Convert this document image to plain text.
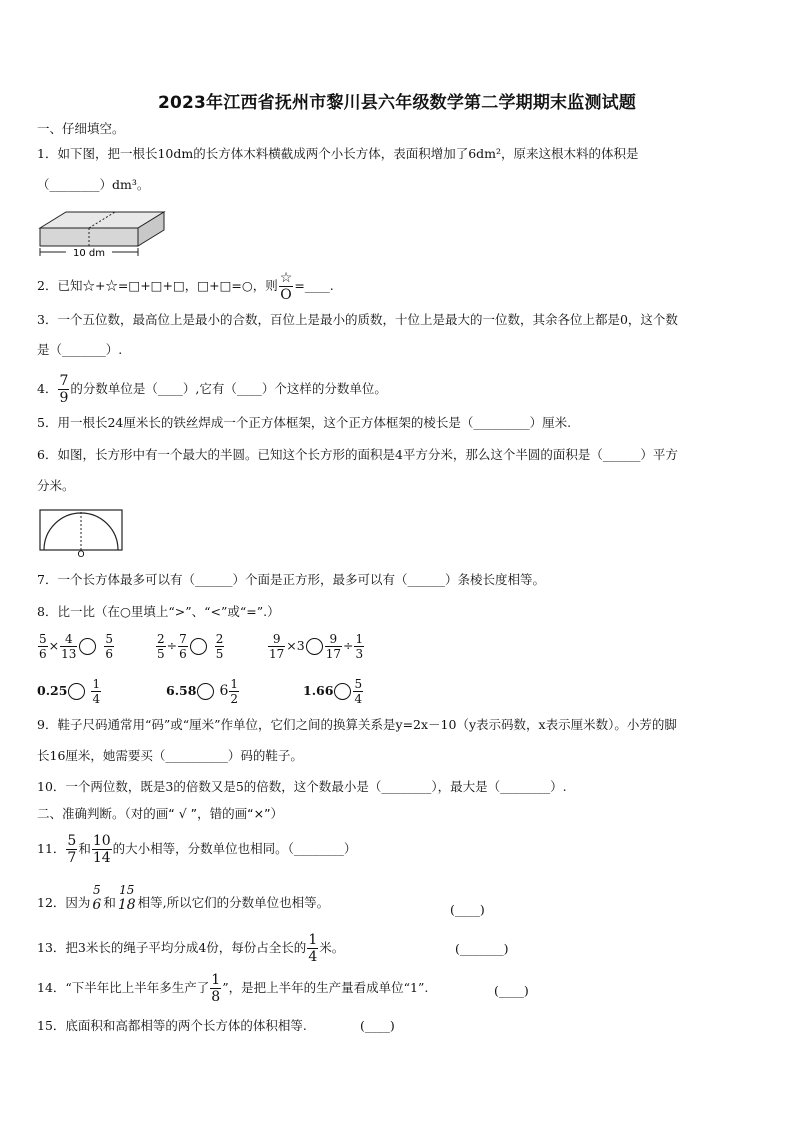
2023年江西省抚州市黎川县六年级数学第二学期期末监测试题
一、仔细填空。
1．如下图，把一根长10dm的长方体木料横截成两个小长方体，表面积增加了6dm²，原来这根木料的体积是
（________）dm³。
10 dm
2．已知☆+☆=□+□+□，□+□=○，则 $\frac{☆}{O}$ =____.
3．一个五位数，最高位上是最小的合数，百位上是最小的质数，十位上是最大的一位数，其余各位上都是0，这个数
是（_______）.
4． $\frac{7}{9}$ 的分数单位是（____）,它有（____）个这样的分数单位。
5．用一根长24厘米长的铁丝焊成一个正方体框架，这个正方体框架的棱长是（_________）厘米.
6．如图，长方形中有一个最大的半圆。已知这个长方形的面积是4平方分米，那么这个半圆的面积是（______）平方
分米。
O
7．一个长方体最多可以有（______）个面是正方形，最多可以有（______）条棱长度相等。
8．比一比（在○里填上“>”、“<”或“=”.）
$\frac{5}{6} \times \frac{4}{13} \frac{5}{6}$	$\frac{2}{5} \div \frac{7}{6} \frac{2}{5}$	$\frac{9}{17} \times 3 \frac{9}{17} \div \frac{1}{3}$
$0.25 \frac{1}{4}$	6.58 $6 \frac{1}{2}$	$1.66 \frac{5}{4}$
9．鞋子尺码通常用“码”或“厘米”作单位，它们之间的换算关系是y=2x－10（y表示码数，x表示厘米数）。小芳的脚
长16厘米，她需要买（__________）码的鞋子。
10．一个两位数，既是3的倍数又是5的倍数，这个数最小是（________），最大是（________）.
二、准确判断。（对的画“ √ ”，错的画“×”）
11． $\frac{5}{7}$ 和 $\frac{10}{14}$ 的大小相等，分数单位也相同。（________）
12．因为
5
6 和
15
18 相等,所以它们的分数单位也相等。	(____)
13．把3米长的绳子平均分成4份，每份占全长的 $\frac{1}{4}$ 米。	(_______)
14．“下半年比上半年多生产了 $\frac{1}{8}$ ”，是把上半年的生产量看成单位“1”.	(____)
15．底面积和高都相等的两个长方体的体积相等.	(____)
